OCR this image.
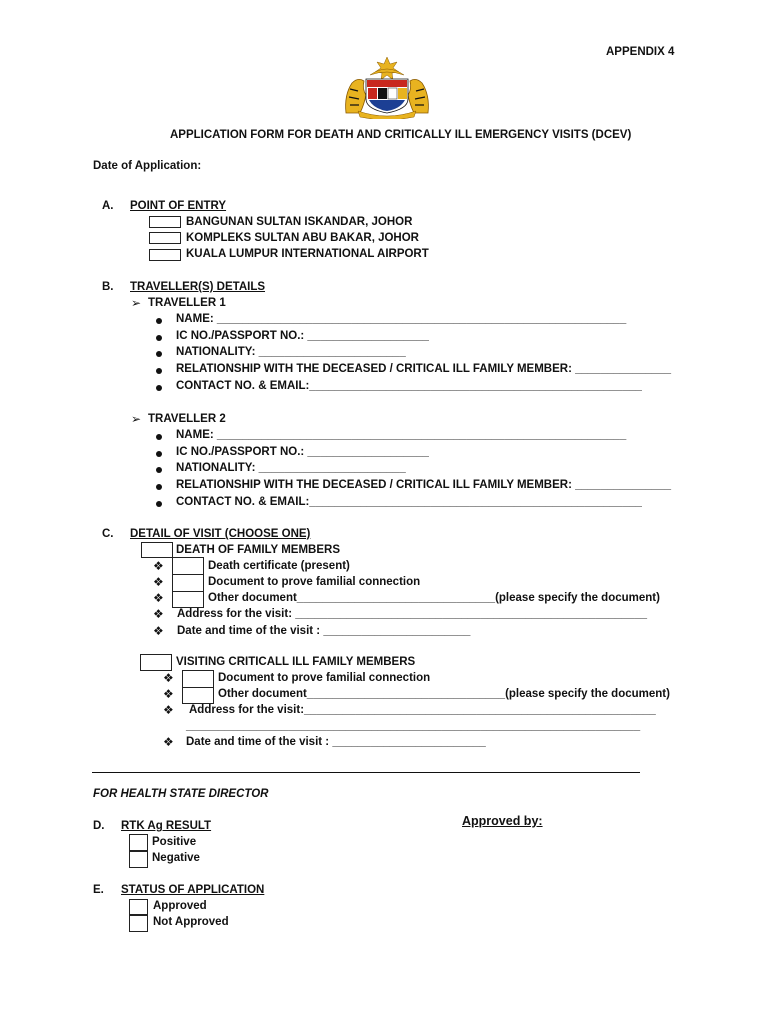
APPENDIX 4
APPLICATION FORM FOR DEATH AND CRITICALLY ILL EMERGENCY VISITS (DCEV)
Date of Application:
A. POINT OF ENTRY
BANGUNAN SULTAN ISKANDAR, JOHOR
KOMPLEKS SULTAN ABU BAKAR, JOHOR
KUALA LUMPUR INTERNATIONAL AIRPORT
B. TRAVELLER(S) DETAILS
➢ TRAVELLER 1
NAME: ________________________________________________________________
IC NO./PASSPORT NO.: ___________________
NATIONALITY: _______________________
RELATIONSHIP WITH THE DECEASED / CRITICAL ILL FAMILY MEMBER: _______________
CONTACT NO. & EMAIL:____________________________________________________
➢ TRAVELLER 2
NAME: ________________________________________________________________
IC NO./PASSPORT NO.: ___________________
NATIONALITY: _______________________
RELATIONSHIP WITH THE DECEASED / CRITICAL ILL FAMILY MEMBER: _______________
CONTACT NO. & EMAIL:____________________________________________________
C. DETAIL OF VISIT (CHOOSE ONE)
DEATH OF FAMILY MEMBERS
❖	Death certificate (present)
❖	Document to prove familial connection
❖	Other document_______________________________(please specify the document)
❖ Address for the visit: _______________________________________________________
❖ Date and time of the visit : _______________________
VISITING CRITICALL ILL FAMILY MEMBERS
❖	Document to prove familial connection
❖	Other document_______________________________(please specify the document)
❖ Address for the visit:_______________________________________________________
_______________________________________________________________________
❖ Date and time of the visit : ________________________
FOR HEALTH STATE DIRECTOR
Approved by:
D. RTK Ag RESULT
Positive
Negative
E. STATUS OF APPLICATION
Approved
Not Approved
